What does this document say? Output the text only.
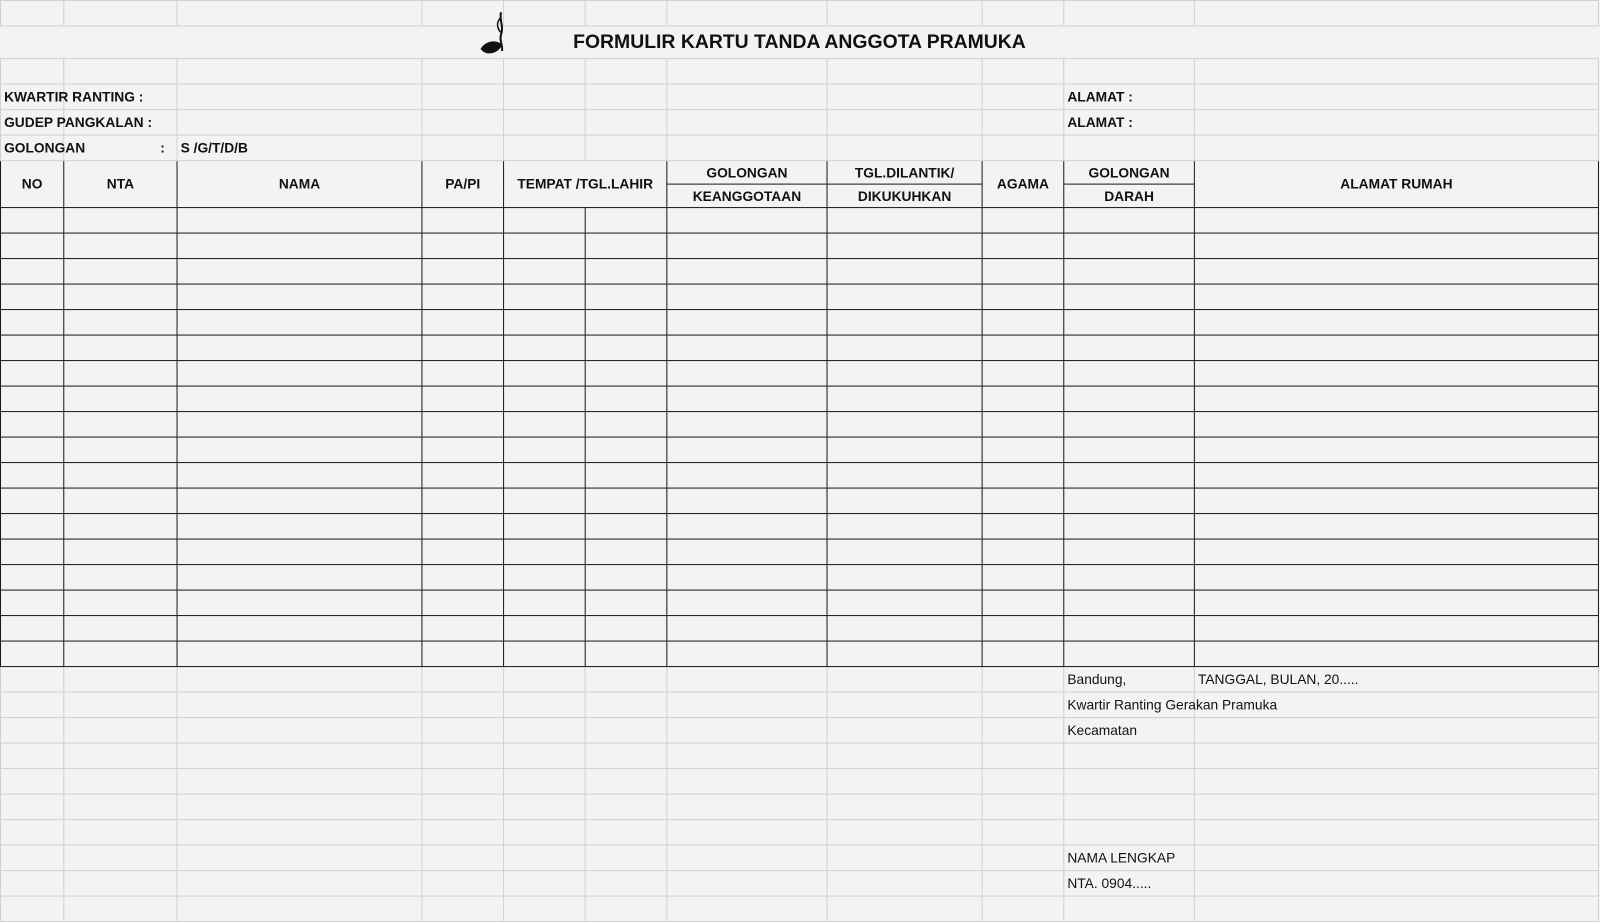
FORMULIR KARTU TANDA ANGGOTA PRAMUKA										

KWARTIR RANTING :									ALAMAT :	

GUDEP PANGKALAN :									ALAMAT :	

GOLONGAN :		S /G/T/D/B								

NO	NTA	NAMA	PA/PI	TEMPAT /TGL.LAHIR		GOLONGAN	TGL.DILANTIK/	AGAMA	GOLONGAN	ALAMAT RUMAH
						KEANGGOTAAN	DIKUKUHKAN		DARAH	

									Bandung,	TANGGAL, BULAN, 20.....

									Kwartir Ranting Gerakan Pramuka	

									Kecamatan	

									NAMA LENGKAP	

									NTA. 0904.....	
